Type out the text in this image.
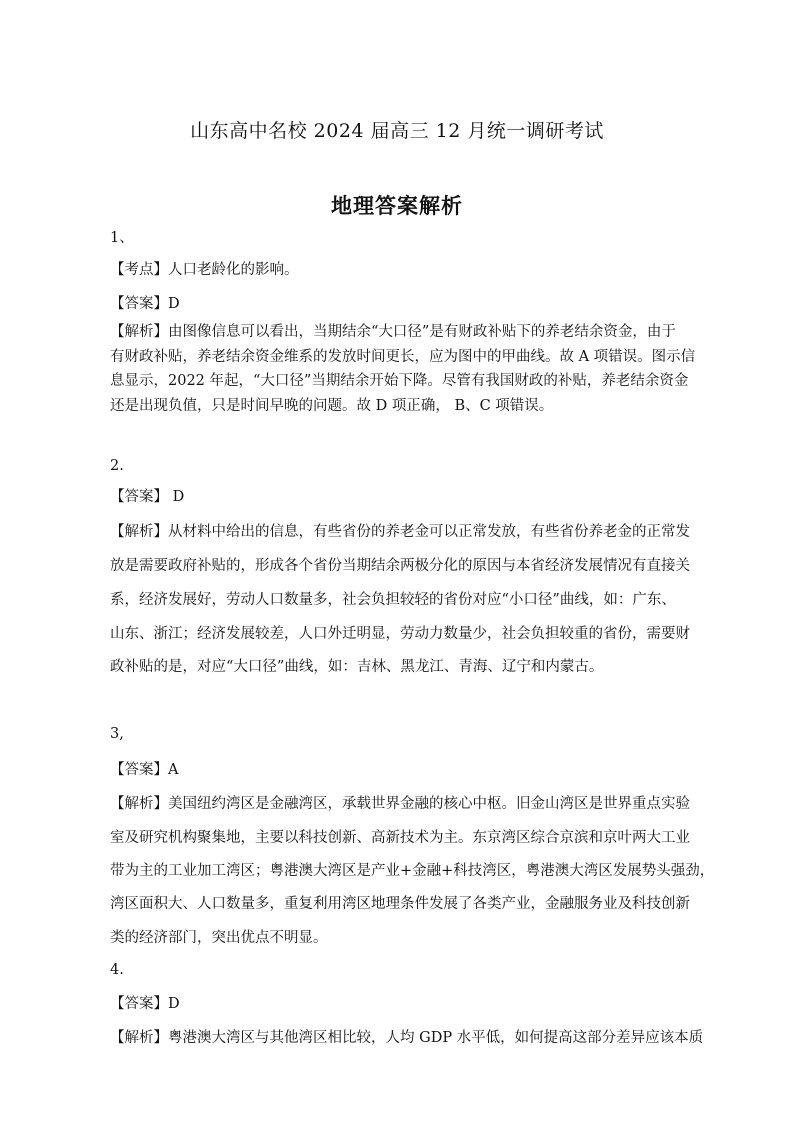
山东高中名校 2024 届高三 12 月统一调研考试
地理答案解析
1、
【考点】人口老龄化的影响。
【答案】D
【解析】由图像信息可以看出，当期结余“大口径”是有财政补贴下的养老结余资金，由于
有财政补贴，养老结余资金维系的发放时间更长，应为图中的甲曲线。故 A 项错误。图示信
息显示，2022 年起，“大口径”当期结余开始下降。尽管有我国财政的补贴，养老结余资金
还是出现负值，只是时间早晚的问题。故 D 项正确， B、C 项错误。
2.
【答案】 D
【解析】从材料中给出的信息，有些省份的养老金可以正常发放，有些省份养老金的正常发
放是需要政府补贴的，形成各个省份当期结余两极分化的原因与本省经济发展情况有直接关
系，经济发展好，劳动人口数量多，社会负担较轻的省份对应“小口径”曲线，如：广东、
山东、浙江；经济发展较差，人口外迁明显，劳动力数量少，社会负担较重的省份，需要财
政补贴的是，对应“大口径”曲线，如：吉林、黑龙江、青海、辽宁和内蒙古。
3,
【答案】A
【解析】美国纽约湾区是金融湾区，承载世界金融的核心中枢。旧金山湾区是世界重点实验
室及研究机构聚集地，主要以科技创新、高新技术为主。东京湾区综合京滨和京叶两大工业
带为主的工业加工湾区；粤港澳大湾区是产业+金融+科技湾区，粤港澳大湾区发展势头强劲，
湾区面积大、人口数量多，重复利用湾区地理条件发展了各类产业，金融服务业及科技创新
类的经济部门，突出优点不明显。
4.
【答案】D
【解析】粤港澳大湾区与其他湾区相比较，人均 GDP 水平低，如何提高这部分差异应该本质
